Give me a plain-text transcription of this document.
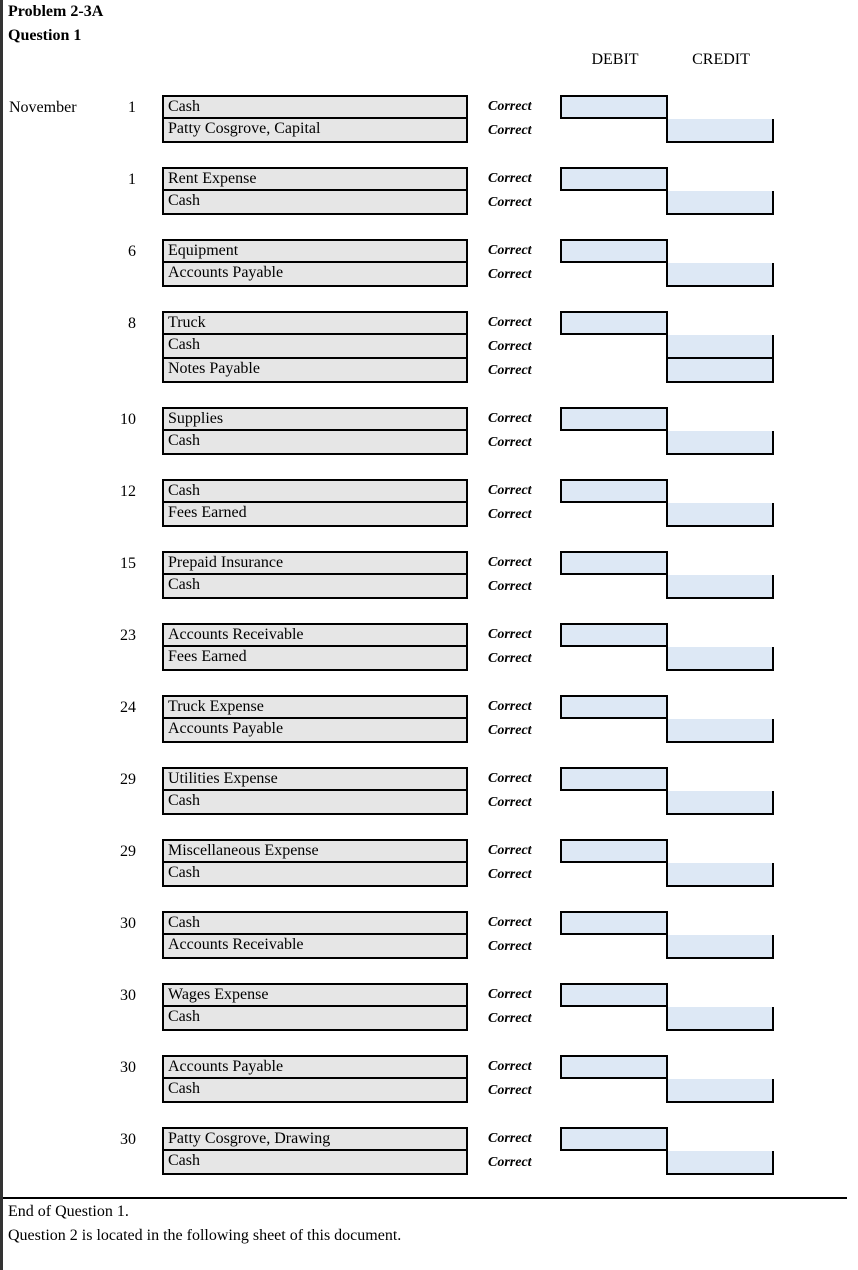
Problem 2-3A
Question 1
DEBIT	CREDIT
November	1	Cash	Correct
Patty Cosgrove, Capital	Correct
1	Rent Expense	Correct
Cash	Correct
6	Equipment	Correct
Accounts Payable	Correct
8	Truck	Correct
Cash	Correct
Notes Payable	Correct
10	Supplies	Correct
Cash	Correct
12	Cash	Correct
Fees Earned	Correct
15	Prepaid Insurance	Correct
Cash	Correct
23	Accounts Receivable	Correct
Fees Earned	Correct
24	Truck Expense	Correct
Accounts Payable	Correct
29	Utilities Expense	Correct
Cash	Correct
29	Miscellaneous Expense	Correct
Cash	Correct
30	Cash	Correct
Accounts Receivable	Correct
30	Wages Expense	Correct
Cash	Correct
30	Accounts Payable	Correct
Cash	Correct
30	Patty Cosgrove, Drawing	Correct
Cash	Correct
End of Question 1.
Question 2 is located in the following sheet of this document.
